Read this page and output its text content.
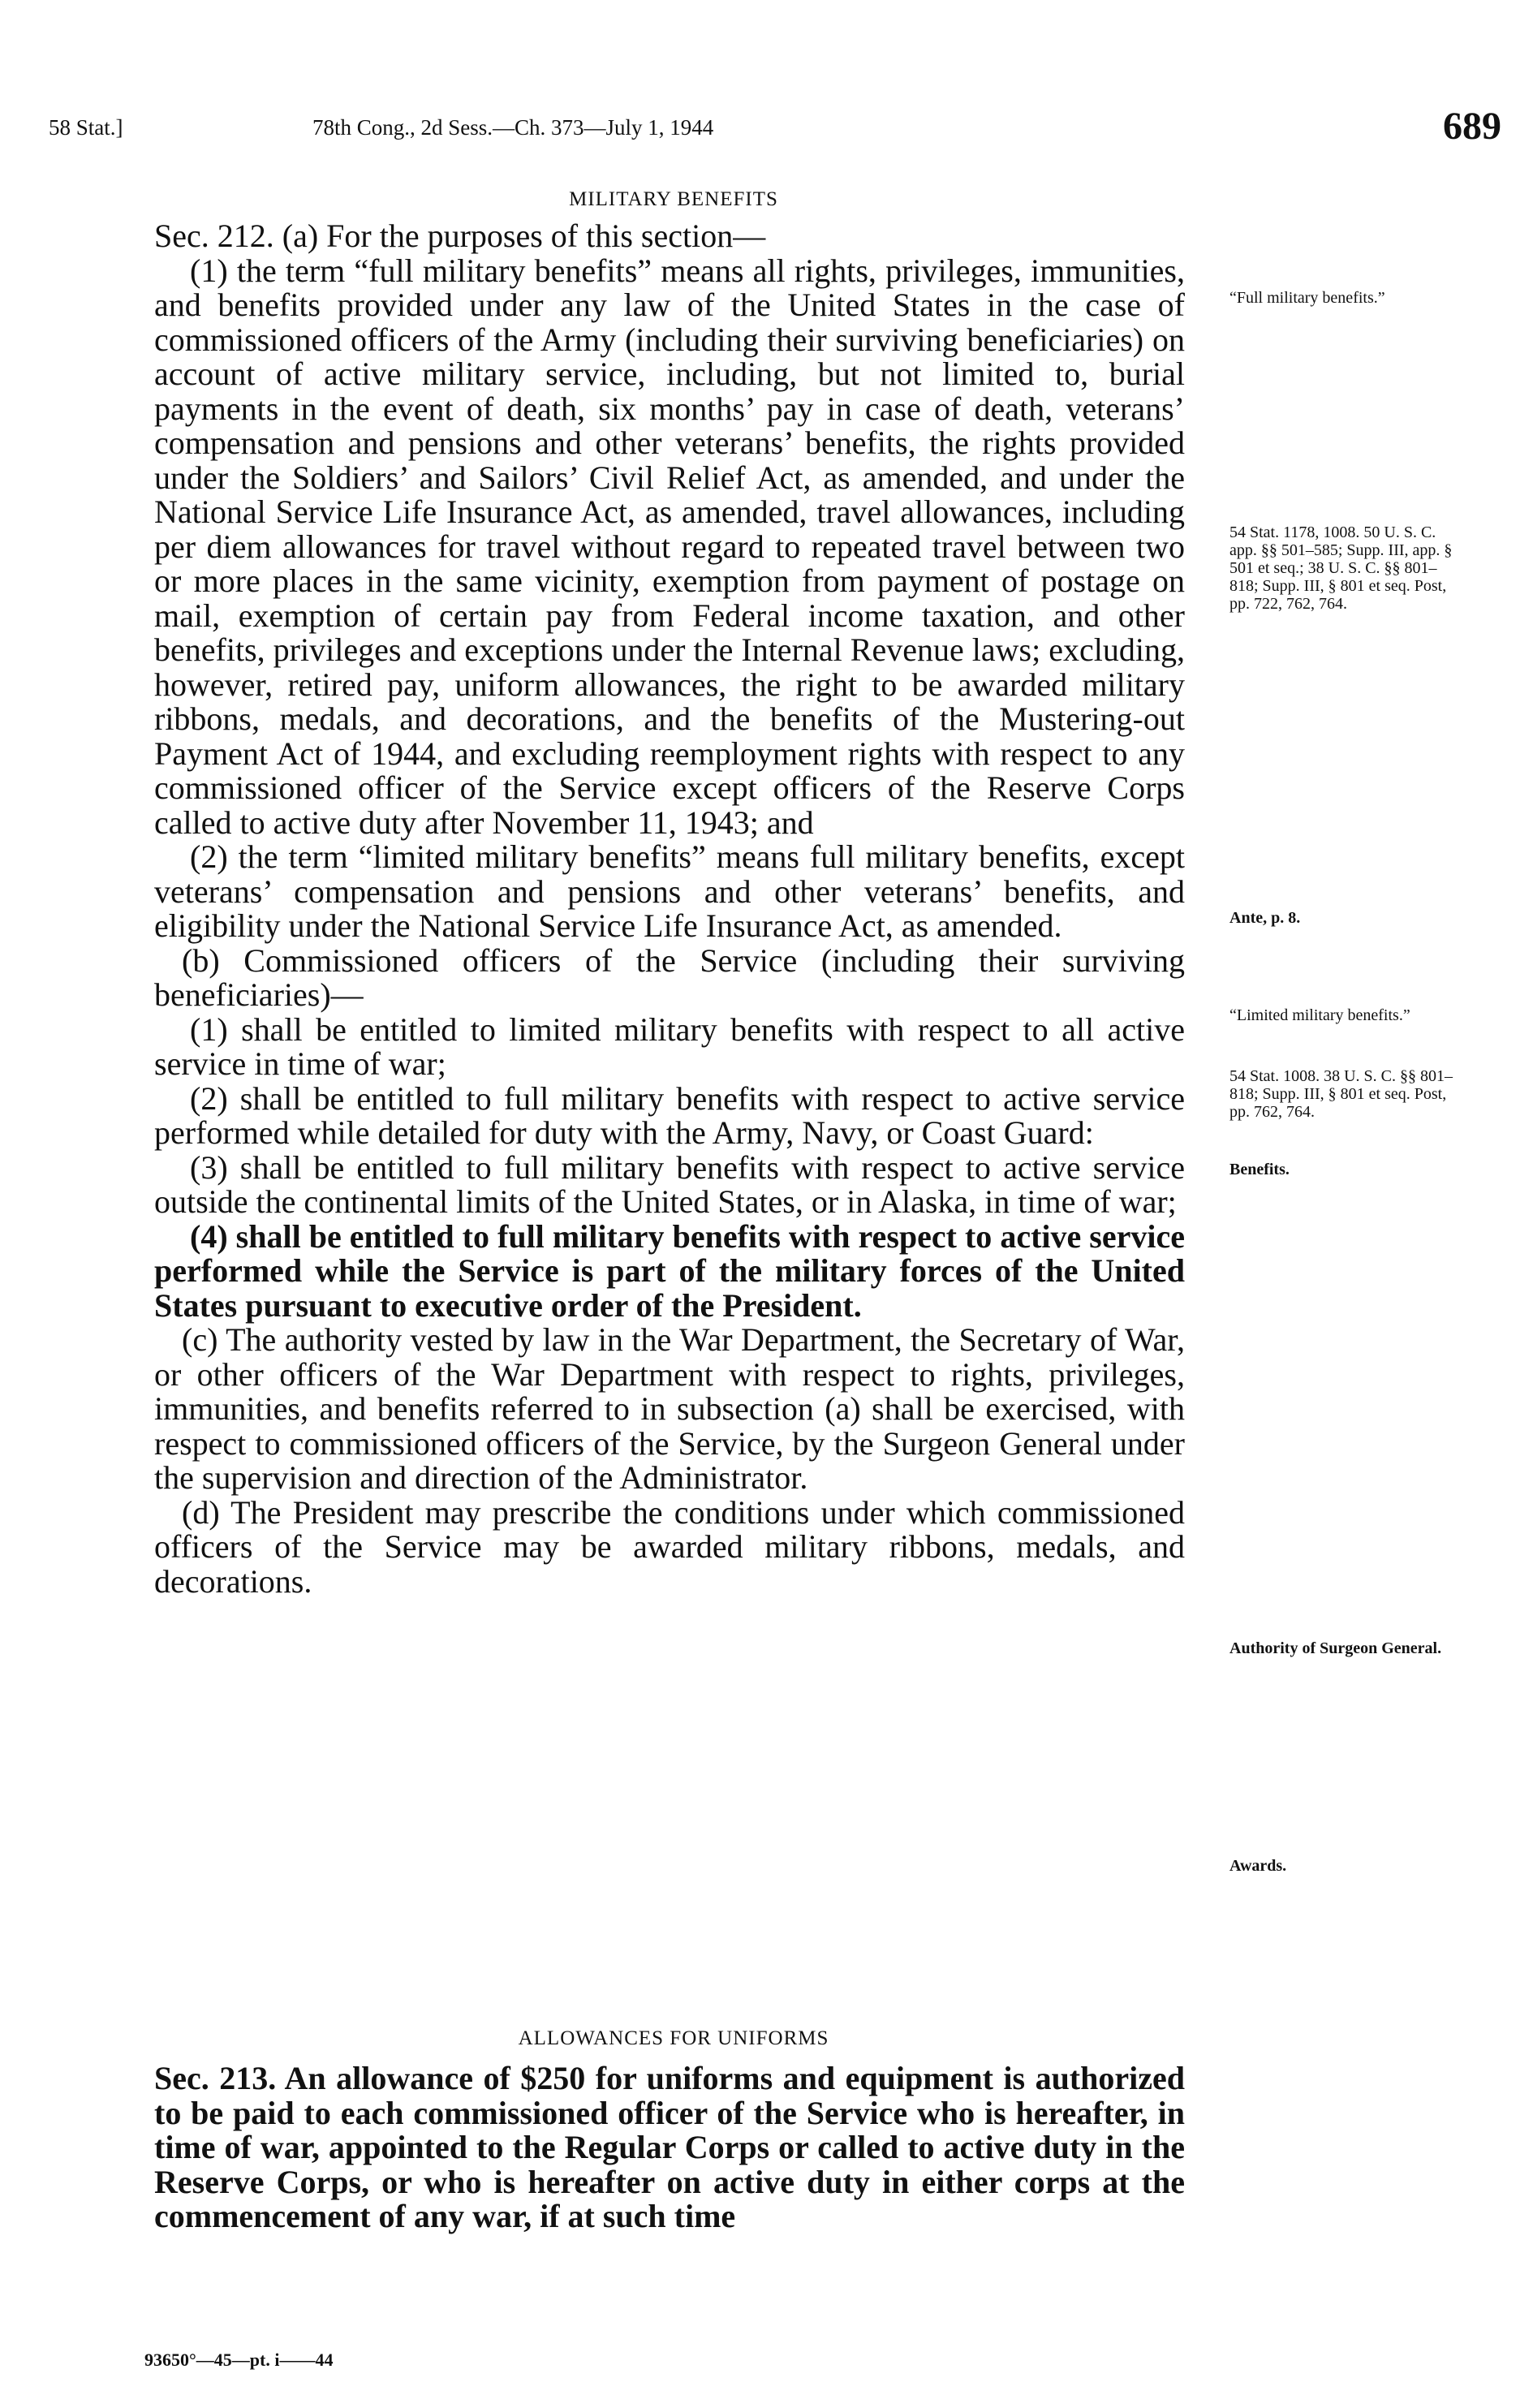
58 Stat.]	78th Cong., 2d Sess.—Ch. 373—July 1, 1944	689
MILITARY BENEFITS

Sec. 212. (a) For the purposes of this section—

(1) the term “full military benefits” means all rights, privileges, immunities, and benefits provided under any law of the United States in the case of commissioned officers of the Army (including their surviving beneficiaries) on account of active military service, including, but not limited to, burial payments in the event of death, six months’ pay in case of death, veterans’ compensation and pensions and other veterans’ benefits, the rights provided under the Soldiers’ and Sailors’ Civil Relief Act, as amended, and under the National Service Life Insurance Act, as amended, travel allowances, including per diem allowances for travel without regard to repeated travel between two or more places in the same vicinity, exemption from payment of postage on mail, exemption of certain pay from Federal income taxation, and other benefits, privileges and exceptions under the Internal Revenue laws; excluding, however, retired pay, uniform allowances, the right to be awarded military ribbons, medals, and decorations, and the benefits of the Mustering-out Payment Act of 1944, and excluding reemployment rights with respect to any commissioned officer of the Service except officers of the Reserve Corps called to active duty after November 11, 1943; and

(2) the term “limited military benefits” means full military benefits, except veterans’ compensation and pensions and other veterans’ benefits, and eligibility under the National Service Life Insurance Act, as amended.

(b) Commissioned officers of the Service (including their surviving beneficiaries)—

(1) shall be entitled to limited military benefits with respect to all active service in time of war;

(2) shall be entitled to full military benefits with respect to active service performed while detailed for duty with the Army, Navy, or Coast Guard:

(3) shall be entitled to full military benefits with respect to active service outside the continental limits of the United States, or in Alaska, in time of war;

(4) shall be entitled to full military benefits with respect to active service performed while the Service is part of the military forces of the United States pursuant to executive order of the President.

(c) The authority vested by law in the War Department, the Secretary of War, or other officers of the War Department with respect to rights, privileges, immunities, and benefits referred to in subsection (a) shall be exercised, with respect to commissioned officers of the Service, by the Surgeon General under the supervision and direction of the Administrator.

(d) The President may prescribe the conditions under which commissioned officers of the Service may be awarded military ribbons, medals, and decorations.

ALLOWANCES FOR UNIFORMS

Sec. 213. An allowance of $250 for uniforms and equipment is authorized to be paid to each commissioned officer of the Service who is hereafter, in time of war, appointed to the Regular Corps or called to active duty in the Reserve Corps, or who is hereafter on active duty in either corps at the commencement of any war, if at such time

“Full military benefits.”
54 Stat. 1178, 1008. 50 U. S. C. app. §§ 501–585; Supp. III, app. § 501 et seq.; 38 U. S. C. §§ 801–818; Supp. III, § 801 et seq. Post, pp. 722, 762, 764.
Ante, p. 8.
“Limited military benefits.”
54 Stat. 1008. 38 U. S. C. §§ 801–818; Supp. III, § 801 et seq. Post, pp. 762, 764.
Benefits.
Authority of Surgeon General.
Awards.
93650°—45—pt. i——44
